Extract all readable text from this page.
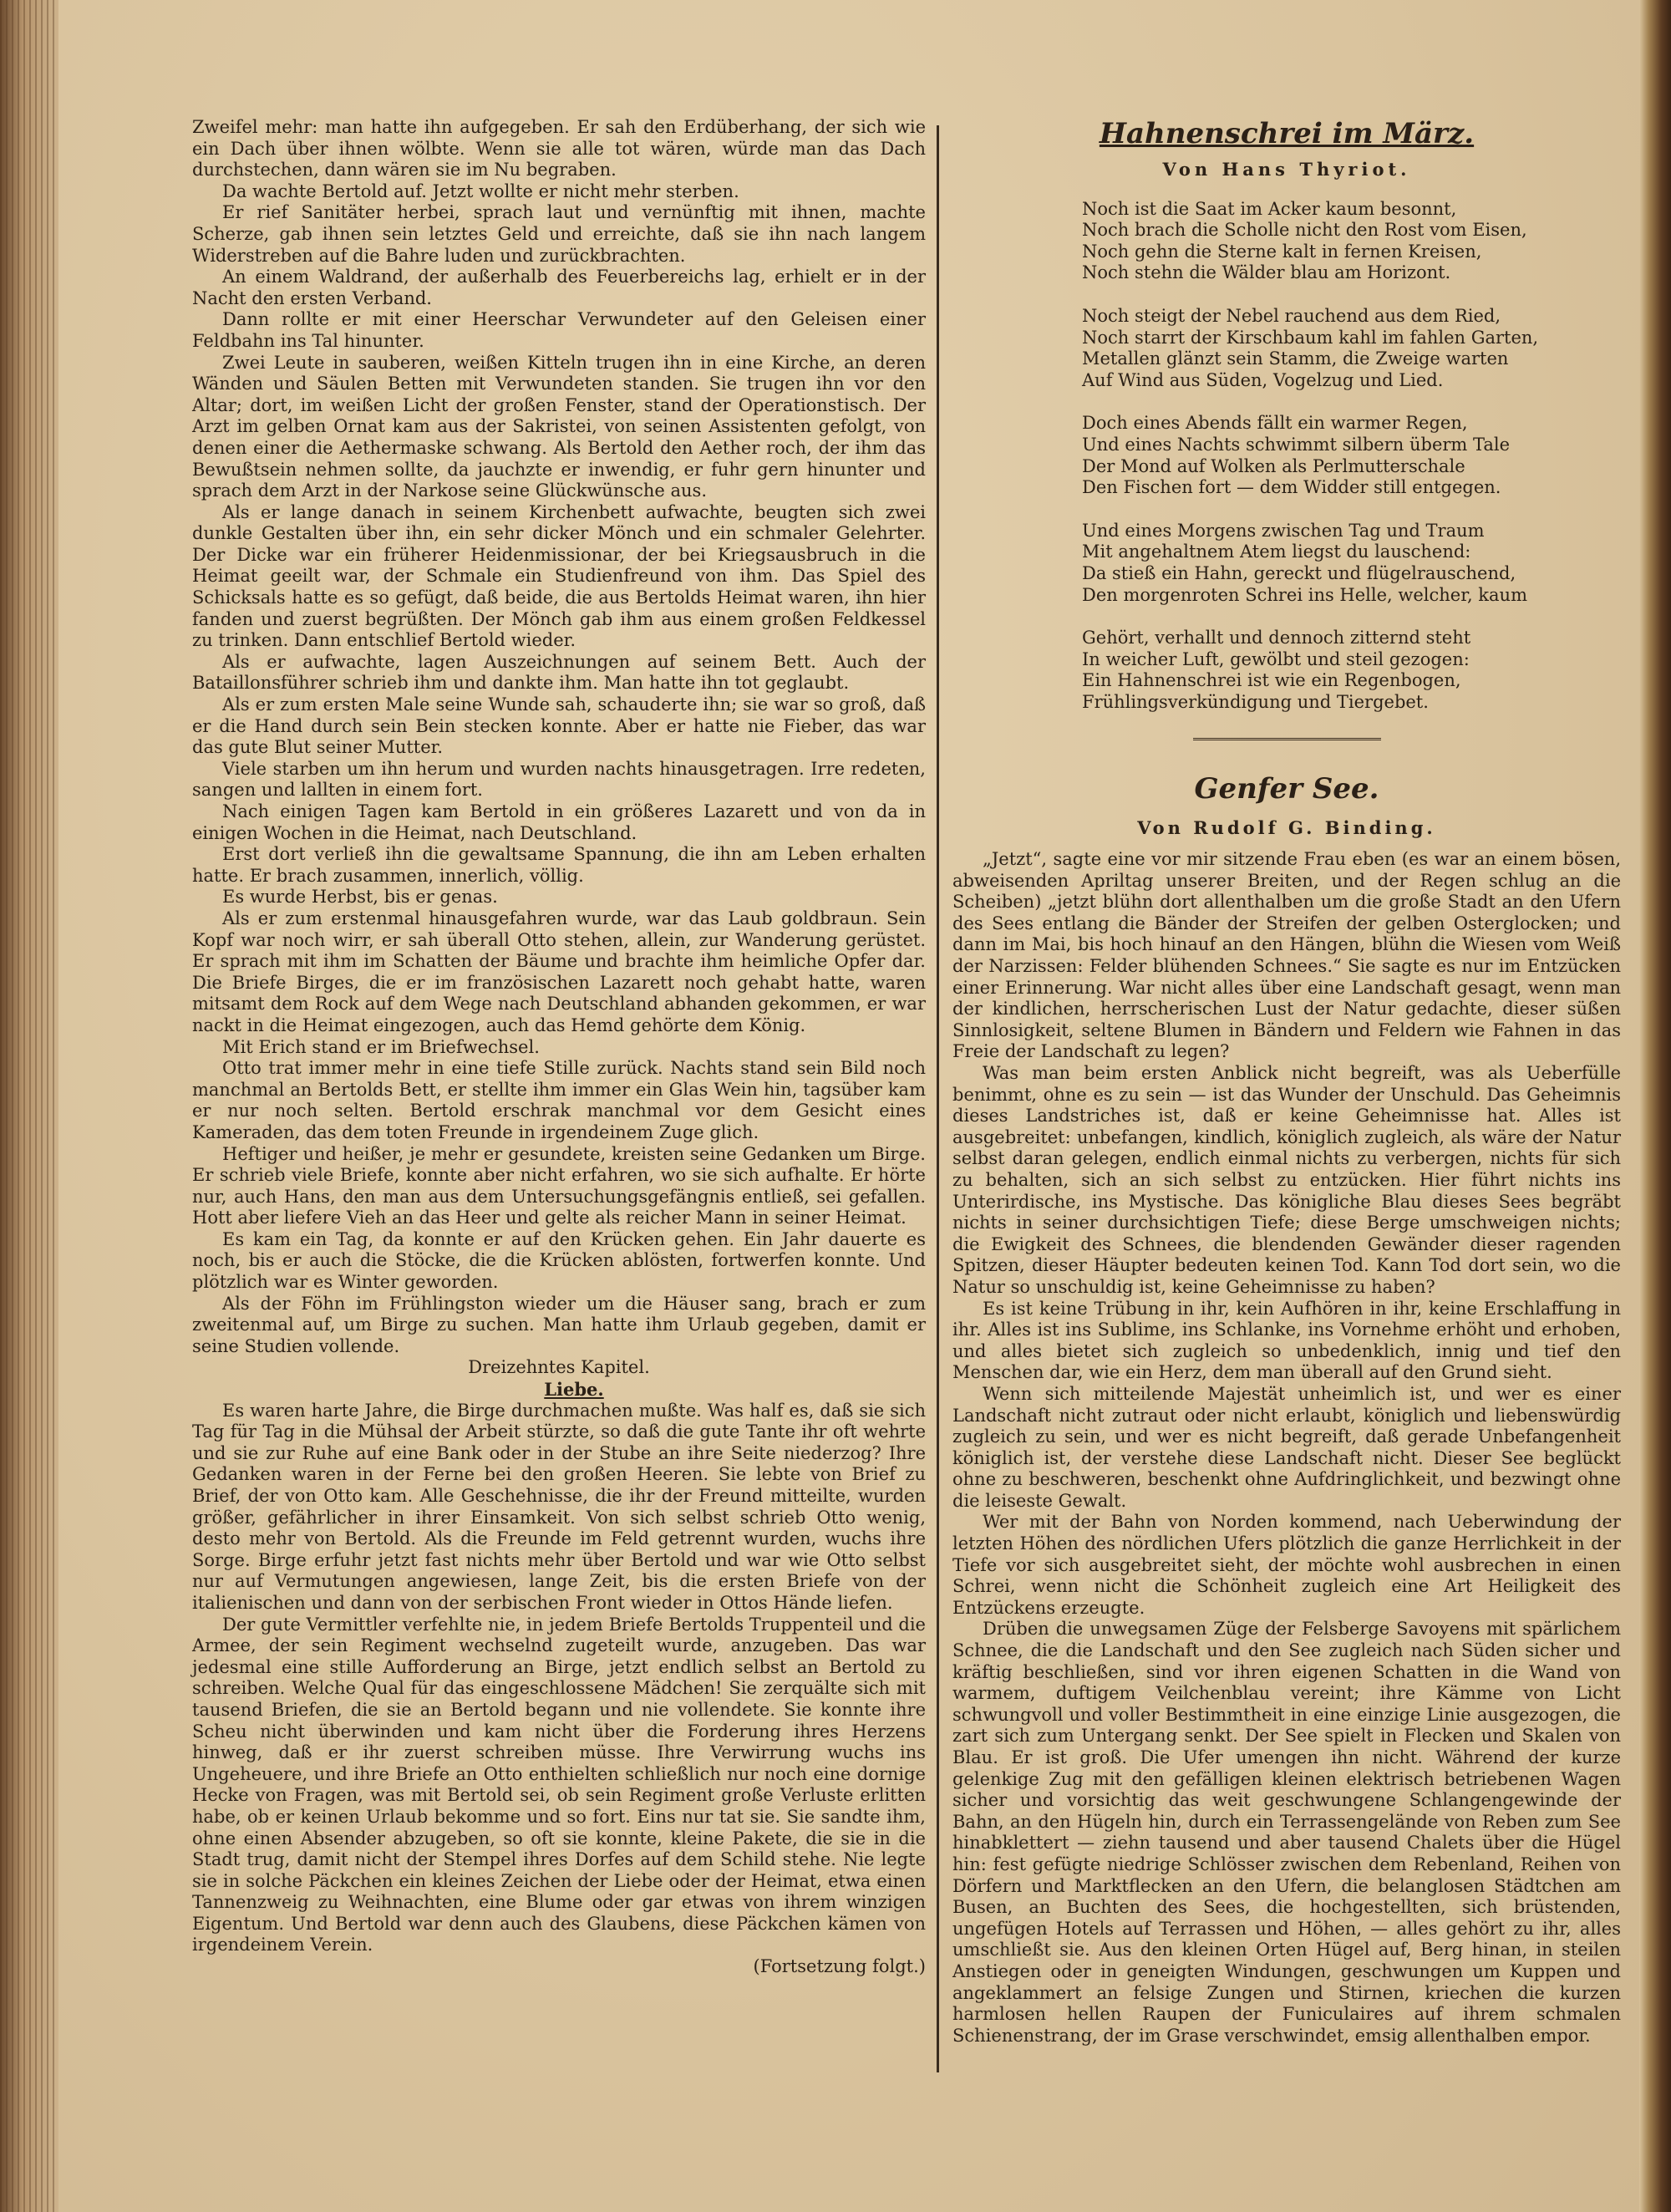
Zweifel mehr: man hatte ihn aufgegeben. Er sah den Erdüberhang, der sich wie ein Dach über ihnen wölbte. Wenn sie alle tot wären, würde man das Dach durchstechen, dann wären sie im Nu begraben.

Da wachte Bertold auf. Jetzt wollte er nicht mehr sterben.

Er rief Sanitäter herbei, sprach laut und vernünftig mit ihnen, machte Scherze, gab ihnen sein letztes Geld und erreichte, daß sie ihn nach langem Widerstreben auf die Bahre luden und zurückbrachten.

An einem Waldrand, der außerhalb des Feuerbereichs lag, erhielt er in der Nacht den ersten Verband.

Dann rollte er mit einer Heerschar Verwundeter auf den Geleisen einer Feldbahn ins Tal hinunter.

Zwei Leute in sauberen, weißen Kitteln trugen ihn in eine Kirche, an deren Wänden und Säulen Betten mit Verwundeten standen. Sie trugen ihn vor den Altar; dort, im weißen Licht der großen Fenster, stand der Operationstisch. Der Arzt im gelben Ornat kam aus der Sakristei, von seinen Assistenten gefolgt, von denen einer die Aethermaske schwang. Als Bertold den Aether roch, der ihm das Bewußtsein nehmen sollte, da jauchzte er inwendig, er fuhr gern hinunter und sprach dem Arzt in der Narkose seine Glückwünsche aus.

Als er lange danach in seinem Kirchenbett aufwachte, beugten sich zwei dunkle Gestalten über ihn, ein sehr dicker Mönch und ein schmaler Gelehrter. Der Dicke war ein früherer Heidenmissionar, der bei Kriegsausbruch in die Heimat geeilt war, der Schmale ein Studienfreund von ihm. Das Spiel des Schicksals hatte es so gefügt, daß beide, die aus Bertolds Heimat waren, ihn hier fanden und zuerst begrüßten. Der Mönch gab ihm aus einem großen Feldkessel zu trinken. Dann entschlief Bertold wieder.

Als er aufwachte, lagen Auszeichnungen auf seinem Bett. Auch der Bataillonsführer schrieb ihm und dankte ihm. Man hatte ihn tot geglaubt.

Als er zum ersten Male seine Wunde sah, schauderte ihn; sie war so groß, daß er die Hand durch sein Bein stecken konnte. Aber er hatte nie Fieber, das war das gute Blut seiner Mutter.

Viele starben um ihn herum und wurden nachts hinausgetragen. Irre redeten, sangen und lallten in einem fort.

Nach einigen Tagen kam Bertold in ein größeres Lazarett und von da in einigen Wochen in die Heimat, nach Deutschland.

Erst dort verließ ihn die gewaltsame Spannung, die ihn am Leben erhalten hatte. Er brach zusammen, innerlich, völlig.

Es wurde Herbst, bis er genas.

Als er zum erstenmal hinausgefahren wurde, war das Laub goldbraun. Sein Kopf war noch wirr, er sah überall Otto stehen, allein, zur Wanderung gerüstet. Er sprach mit ihm im Schatten der Bäume und brachte ihm heimliche Opfer dar. Die Briefe Birges, die er im französischen Lazarett noch gehabt hatte, waren mitsamt dem Rock auf dem Wege nach Deutschland abhanden gekommen, er war nackt in die Heimat eingezogen, auch das Hemd gehörte dem König.

Mit Erich stand er im Briefwechsel.

Otto trat immer mehr in eine tiefe Stille zurück. Nachts stand sein Bild noch manchmal an Bertolds Bett, er stellte ihm immer ein Glas Wein hin, tagsüber kam er nur noch selten. Bertold erschrak manchmal vor dem Gesicht eines Kameraden, das dem toten Freunde in irgendeinem Zuge glich.

Heftiger und heißer, je mehr er gesundete, kreisten seine Gedanken um Birge. Er schrieb viele Briefe, konnte aber nicht erfahren, wo sie sich aufhalte. Er hörte nur, auch Hans, den man aus dem Untersuchungsgefängnis entließ, sei gefallen. Hott aber liefere Vieh an das Heer und gelte als reicher Mann in seiner Heimat.

Es kam ein Tag, da konnte er auf den Krücken gehen. Ein Jahr dauerte es noch, bis er auch die Stöcke, die die Krücken ablösten, fortwerfen konnte. Und plötzlich war es Winter geworden.

Als der Föhn im Frühlingston wieder um die Häuser sang, brach er zum zweitenmal auf, um Birge zu suchen. Man hatte ihm Urlaub gegeben, damit er seine Studien vollende.

Dreizehntes Kapitel.

Liebe.

Es waren harte Jahre, die Birge durchmachen mußte. Was half es, daß sie sich Tag für Tag in die Mühsal der Arbeit stürzte, so daß die gute Tante ihr oft wehrte und sie zur Ruhe auf eine Bank oder in der Stube an ihre Seite niederzog? Ihre Gedanken waren in der Ferne bei den großen Heeren. Sie lebte von Brief zu Brief, der von Otto kam. Alle Geschehnisse, die ihr der Freund mitteilte, wurden größer, gefährlicher in ihrer Einsamkeit. Von sich selbst schrieb Otto wenig, desto mehr von Bertold. Als die Freunde im Feld getrennt wurden, wuchs ihre Sorge. Birge erfuhr jetzt fast nichts mehr über Bertold und war wie Otto selbst nur auf Vermutungen angewiesen, lange Zeit, bis die ersten Briefe von der italienischen und dann von der serbischen Front wieder in Ottos Hände liefen.

Der gute Vermittler verfehlte nie, in jedem Briefe Bertolds Truppenteil und die Armee, der sein Regiment wechselnd zugeteilt wurde, anzugeben. Das war jedesmal eine stille Aufforderung an Birge, jetzt endlich selbst an Bertold zu schreiben. Welche Qual für das eingeschlossene Mädchen! Sie zerquälte sich mit tausend Briefen, die sie an Bertold begann und nie vollendete. Sie konnte ihre Scheu nicht überwinden und kam nicht über die Forderung ihres Herzens hinweg, daß er ihr zuerst schreiben müsse. Ihre Verwirrung wuchs ins Ungeheuere, und ihre Briefe an Otto enthielten schließlich nur noch eine dornige Hecke von Fragen, was mit Bertold sei, ob sein Regiment große Verluste erlitten habe, ob er keinen Urlaub bekomme und so fort. Eins nur tat sie. Sie sandte ihm, ohne einen Absender abzugeben, so oft sie konnte, kleine Pakete, die sie in die Stadt trug, damit nicht der Stempel ihres Dorfes auf dem Schild stehe. Nie legte sie in solche Päckchen ein kleines Zeichen der Liebe oder der Heimat, etwa einen Tannenzweig zu Weihnachten, eine Blume oder gar etwas von ihrem winzigen Eigentum. Und Bertold war denn auch des Glaubens, diese Päckchen kämen von irgendeinem Verein.

(Fortsetzung folgt.)

Hahnenschrei im März.
Von Hans Thyriot.
Noch ist die Saat im Acker kaum besonnt,
Noch brach die Scholle nicht den Rost vom Eisen,
Noch gehn die Sterne kalt in fernen Kreisen,
Noch stehn die Wälder blau am Horizont.
Noch steigt der Nebel rauchend aus dem Ried,
Noch starrt der Kirschbaum kahl im fahlen Garten,
Metallen glänzt sein Stamm, die Zweige warten
Auf Wind aus Süden, Vogelzug und Lied.
Doch eines Abends fällt ein warmer Regen,
Und eines Nachts schwimmt silbern überm Tale
Der Mond auf Wolken als Perlmutterschale
Den Fischen fort — dem Widder still entgegen.
Und eines Morgens zwischen Tag und Traum
Mit angehaltnem Atem liegst du lauschend:
Da stieß ein Hahn, gereckt und flügelrauschend,
Den morgenroten Schrei ins Helle, welcher, kaum
Gehört, verhallt und dennoch zitternd steht
In weicher Luft, gewölbt und steil gezogen:
Ein Hahnenschrei ist wie ein Regenbogen,
Frühlingsverkündigung und Tiergebet.
Genfer See.
Von Rudolf G. Binding.

„Jetzt“, sagte eine vor mir sitzende Frau eben (es war an einem bösen, abweisenden Apriltag unserer Breiten, und der Regen schlug an die Scheiben) „jetzt blühn dort allenthalben um die große Stadt an den Ufern des Sees entlang die Bänder der Streifen der gelben Osterglocken; und dann im Mai, bis hoch hinauf an den Hängen, blühn die Wiesen vom Weiß der Narzissen: Felder blühenden Schnees.“ Sie sagte es nur im Entzücken einer Erinnerung. War nicht alles über eine Landschaft gesagt, wenn man der kindlichen, herrscherischen Lust der Natur gedachte, dieser süßen Sinnlosigkeit, seltene Blumen in Bändern und Feldern wie Fahnen in das Freie der Landschaft zu legen?

Was man beim ersten Anblick nicht begreift, was als Ueberfülle benimmt, ohne es zu sein — ist das Wunder der Unschuld. Das Geheimnis dieses Landstriches ist, daß er keine Geheimnisse hat. Alles ist ausgebreitet: unbefangen, kindlich, königlich zugleich, als wäre der Natur selbst daran gelegen, endlich einmal nichts zu verbergen, nichts für sich zu behalten, sich an sich selbst zu entzücken. Hier führt nichts ins Unterirdische, ins Mystische. Das königliche Blau dieses Sees begräbt nichts in seiner durchsichtigen Tiefe; diese Berge umschweigen nichts; die Ewigkeit des Schnees, die blendenden Gewänder dieser ragenden Spitzen, dieser Häupter bedeuten keinen Tod. Kann Tod dort sein, wo die Natur so unschuldig ist, keine Geheimnisse zu haben?

Es ist keine Trübung in ihr, kein Aufhören in ihr, keine Erschlaffung in ihr. Alles ist ins Sublime, ins Schlanke, ins Vornehme erhöht und erhoben, und alles bietet sich zugleich so unbedenklich, innig und tief den Menschen dar, wie ein Herz, dem man überall auf den Grund sieht.

Wenn sich mitteilende Majestät unheimlich ist, und wer es einer Landschaft nicht zutraut oder nicht erlaubt, königlich und liebenswürdig zugleich zu sein, und wer es nicht begreift, daß gerade Unbefangenheit königlich ist, der verstehe diese Landschaft nicht. Dieser See beglückt ohne zu beschweren, beschenkt ohne Aufdringlichkeit, und bezwingt ohne die leiseste Gewalt.

Wer mit der Bahn von Norden kommend, nach Ueberwindung der letzten Höhen des nördlichen Ufers plötzlich die ganze Herrlichkeit in der Tiefe vor sich ausgebreitet sieht, der möchte wohl ausbrechen in einen Schrei, wenn nicht die Schönheit zugleich eine Art Heiligkeit des Entzückens erzeugte.

Drüben die unwegsamen Züge der Felsberge Savoyens mit spärlichem Schnee, die die Landschaft und den See zugleich nach Süden sicher und kräftig beschließen, sind vor ihren eigenen Schatten in die Wand von warmem, duftigem Veilchenblau vereint; ihre Kämme von Licht schwungvoll und voller Bestimmtheit in eine einzige Linie ausgezogen, die zart sich zum Untergang senkt. Der See spielt in Flecken und Skalen von Blau. Er ist groß. Die Ufer umengen ihn nicht. Während der kurze gelenkige Zug mit den gefälligen kleinen elektrisch betriebenen Wagen sicher und vorsichtig das weit geschwungene Schlangengewinde der Bahn, an den Hügeln hin, durch ein Terrassengelände von Reben zum See hinabklettert — ziehn tausend und aber tausend Chalets über die Hügel hin: fest gefügte niedrige Schlösser zwischen dem Rebenland, Reihen von Dörfern und Marktflecken an den Ufern, die belanglosen Städtchen am Busen, an Buchten des Sees, die hochgestellten, sich brüstenden, ungefügen Hotels auf Terrassen und Höhen, — alles gehört zu ihr, alles umschließt sie. Aus den kleinen Orten Hügel auf, Berg hinan, in steilen Anstiegen oder in geneigten Windungen, geschwungen um Kuppen und angeklammert an felsige Zungen und Stirnen, kriechen die kurzen harmlosen hellen Raupen der Funiculaires auf ihrem schmalen Schienenstrang, der im Grase verschwindet, emsig allenthalben empor.
